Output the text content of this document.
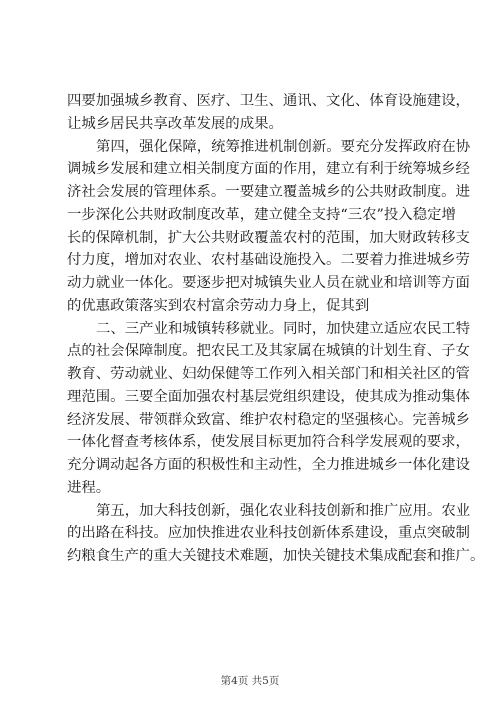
四要加强城乡教育、医疗、卫生、通讯、文化、体育设施建设，
让城乡居民共享改革发展的成果。

第四，强化保障，统筹推进机制创新。要充分发挥政府在协
调城乡发展和建立相关制度方面的作用，建立有利于统筹城乡经
济社会发展的管理体系。一要建立覆盖城乡的公共财政制度。进
一步深化公共财政制度改革，建立健全支持“三农”投入稳定增
长的保障机制，扩大公共财政覆盖农村的范围，加大财政转移支
付力度，增加对农业、农村基础设施投入。二要着力推进城乡劳
动力就业一体化。要逐步把对城镇失业人员在就业和培训等方面
的优惠政策落实到农村富余劳动力身上，促其到

二、三产业和城镇转移就业。同时，加快建立适应农民工特
点的社会保障制度。把农民工及其家属在城镇的计划生育、子女
教育、劳动就业、妇幼保健等工作列入相关部门和相关社区的管
理范围。三要全面加强农村基层党组织建设，使其成为推动集体
经济发展、带领群众致富、维护农村稳定的坚强核心。完善城乡
一体化督查考核体系，使发展目标更加符合科学发展观的要求，
充分调动起各方面的积极性和主动性，全力推进城乡一体化建设
进程。

第五，加大科技创新，强化农业科技创新和推广应用。农业
的出路在科技。应加快推进农业科技创新体系建设，重点突破制
约粮食生产的重大关键技术难题，加快关键技术集成配套和推广。

第4页 共5页
